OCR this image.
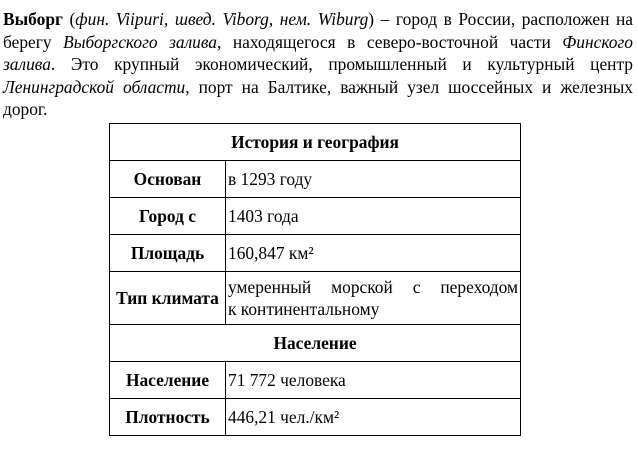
Выборг (фин. Viipuri, швед. Viborg, нем. Wiburg) – город в России, расположен на берегу Выборгского залива, находящегося в северо-восточной части Финского залива. Это крупный экономический, промышленный и культурный центр Ленинградской области, порт на Балтике, важный узел шоссейных и железных дорог.

История и география	
Основан	в 1293 году
Город с	1403 года
Площадь	160,847 км²
Тип климата	умеренный морской с переходом
к континентальному

Население	
Население	71 772 человека
Плотность	446,21 чел./км²
